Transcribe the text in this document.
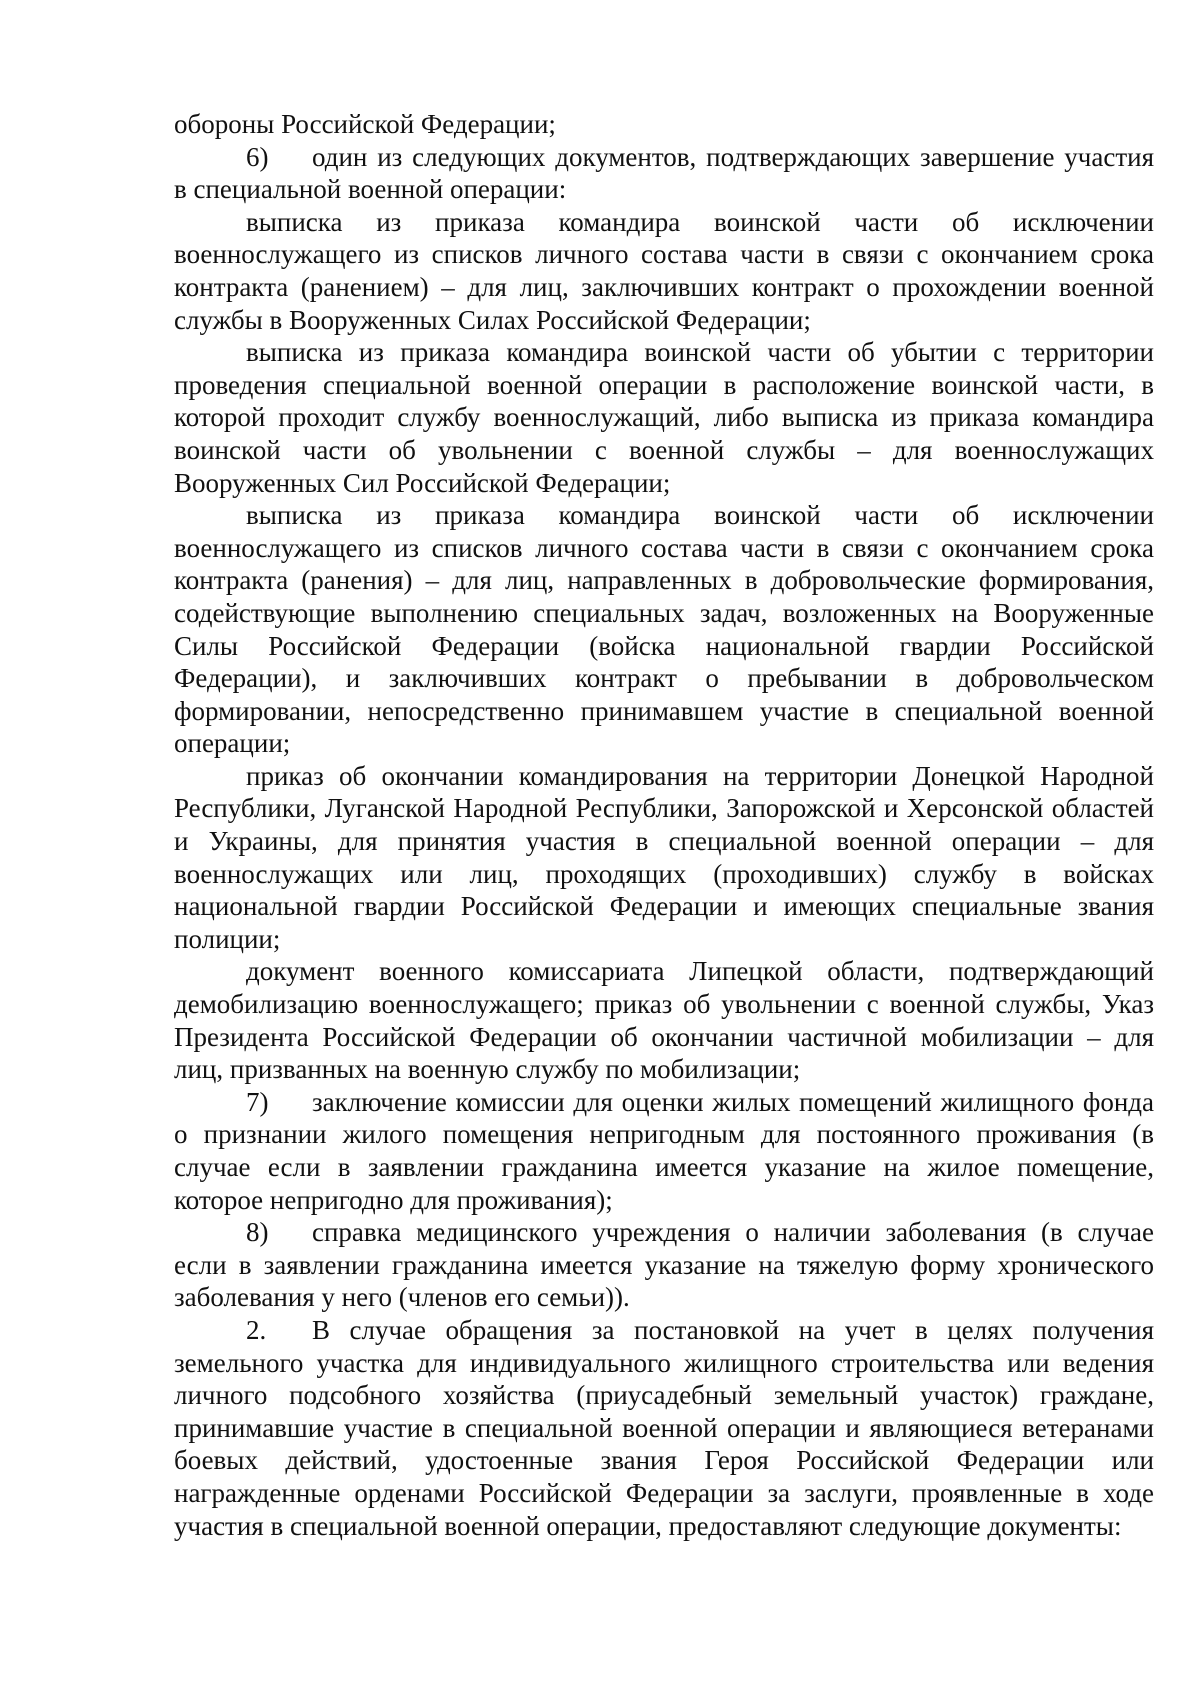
обороны Российской Федерации;

6) один из следующих документов, подтверждающих завершение участия в специальной военной операции:

выписка из приказа командира воинской части об исключении военнослужащего из списков личного состава части в связи с окончанием срока контракта (ранением) – для лиц, заключивших контракт о прохождении военной службы в Вооруженных Силах Российской Федерации;

выписка из приказа командира воинской части об убытии с территории проведения специальной военной операции в расположение воинской части, в которой проходит службу военнослужащий, либо выписка из приказа командира воинской части об увольнении с военной службы – для военнослужащих Вооруженных Сил Российской Федерации;

выписка из приказа командира воинской части об исключении военнослужащего из списков личного состава части в связи с окончанием срока контракта (ранения) – для лиц, направленных в добровольческие формирования, содействующие выполнению специальных задач, возложенных на Вооруженные Силы Российской Федерации (войска национальной гвардии Российской Федерации), и заключивших контракт о пребывании в добровольческом формировании, непосредственно принимавшем участие в специальной военной операции;

приказ об окончании командирования на территории Донецкой Народной Республики, Луганской Народной Республики, Запорожской и Херсонской областей и Украины, для принятия участия в специальной военной операции – для военнослужащих или лиц, проходящих (проходивших) службу в войсках национальной гвардии Российской Федерации и имеющих специальные звания полиции;

документ военного комиссариата Липецкой области, подтверждающий демобилизацию военнослужащего; приказ об увольнении с военной службы, Указ Президента Российской Федерации об окончании частичной мобилизации – для лиц, призванных на военную службу по мобилизации;

7) заключение комиссии для оценки жилых помещений жилищного фонда о признании жилого помещения непригодным для постоянного проживания (в случае если в заявлении гражданина имеется указание на жилое помещение, которое непригодно для проживания);

8) справка медицинского учреждения о наличии заболевания (в случае если в заявлении гражданина имеется указание на тяжелую форму хронического заболевания у него (членов его семьи)).

2. В случае обращения за постановкой на учет в целях получения земельного участка для индивидуального жилищного строительства или ведения личного подсобного хозяйства (приусадебный земельный участок) граждане, принимавшие участие в специальной военной операции и являющиеся ветеранами боевых действий, удостоенные звания Героя Российской Федерации или награжденные орденами Российской Федерации за заслуги, проявленные в ходе участия в специальной военной операции, предоставляют следующие документы:
